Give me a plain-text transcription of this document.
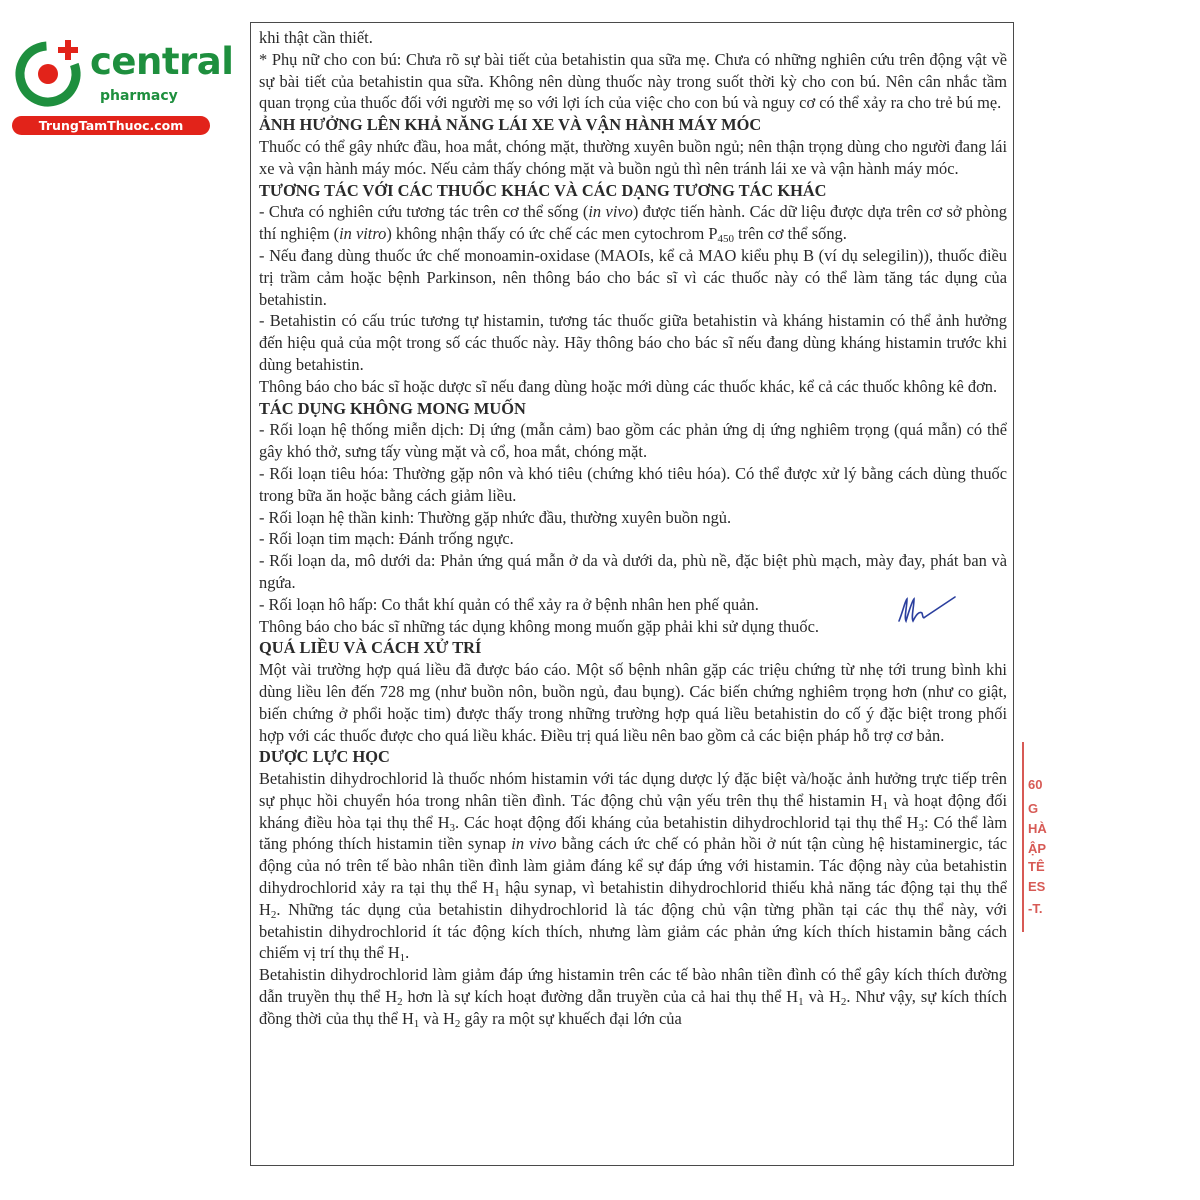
central
pharmacy
TrungTamThuoc.com

khi thật cần thiết.

* Phụ nữ cho con bú: Chưa rõ sự bài tiết của betahistin qua sữa mẹ. Chưa có những nghiên cứu trên động vật về sự bài tiết của betahistin qua sữa. Không nên dùng thuốc này trong suốt thời kỳ cho con bú. Nên cân nhắc tầm quan trọng của thuốc đối với người mẹ so với lợi ích của việc cho con bú và nguy cơ có thể xảy ra cho trẻ bú mẹ.

ẢNH HƯỞNG LÊN KHẢ NĂNG LÁI XE VÀ VẬN HÀNH MÁY MÓC

Thuốc có thể gây nhức đầu, hoa mắt, chóng mặt, thường xuyên buồn ngủ; nên thận trọng dùng cho người đang lái xe và vận hành máy móc. Nếu cảm thấy chóng mặt và buồn ngủ thì nên tránh lái xe và vận hành máy móc.

TƯƠNG TÁC VỚI CÁC THUỐC KHÁC VÀ CÁC DẠNG TƯƠNG TÁC KHÁC

- Chưa có nghiên cứu tương tác trên cơ thể sống (in vivo) được tiến hành. Các dữ liệu được dựa trên cơ sở phòng thí nghiệm (in vitro) không nhận thấy có ức chế các men cytochrom $P_{450}$ trên cơ thể sống.

- Nếu đang dùng thuốc ức chế monoamin-oxidase (MAOIs, kể cả MAO kiểu phụ B (ví dụ selegilin)), thuốc điều trị trầm cảm hoặc bệnh Parkinson, nên thông báo cho bác sĩ vì các thuốc này có thể làm tăng tác dụng của betahistin.

- Betahistin có cấu trúc tương tự histamin, tương tác thuốc giữa betahistin và kháng histamin có thể ảnh hưởng đến hiệu quả của một trong số các thuốc này. Hãy thông báo cho bác sĩ nếu đang dùng kháng histamin trước khi dùng betahistin.

Thông báo cho bác sĩ hoặc dược sĩ nếu đang dùng hoặc mới dùng các thuốc khác, kể cả các thuốc không kê đơn.

TÁC DỤNG KHÔNG MONG MUỐN

- Rối loạn hệ thống miễn dịch: Dị ứng (mẫn cảm) bao gồm các phản ứng dị ứng nghiêm trọng (quá mẫn) có thể gây khó thở, sưng tấy vùng mặt và cổ, hoa mắt, chóng mặt.

- Rối loạn tiêu hóa: Thường gặp nôn và khó tiêu (chứng khó tiêu hóa). Có thể được xử lý bằng cách dùng thuốc trong bữa ăn hoặc bằng cách giảm liều.

- Rối loạn hệ thần kinh: Thường gặp nhức đầu, thường xuyên buồn ngủ.

- Rối loạn tim mạch: Đánh trống ngực.

- Rối loạn da, mô dưới da: Phản ứng quá mẫn ở da và dưới da, phù nề, đặc biệt phù mạch, mày đay, phát ban và ngứa.

- Rối loạn hô hấp: Co thắt khí quản có thể xảy ra ở bệnh nhân hen phế quản.

Thông báo cho bác sĩ những tác dụng không mong muốn gặp phải khi sử dụng thuốc.

QUÁ LIỀU VÀ CÁCH XỬ TRÍ

Một vài trường hợp quá liều đã được báo cáo. Một số bệnh nhân gặp các triệu chứng từ nhẹ tới trung bình khi dùng liều lên đến 728 mg (như buồn nôn, buồn ngủ, đau bụng). Các biến chứng nghiêm trọng hơn (như co giật, biến chứng ở phổi hoặc tim) được thấy trong những trường hợp quá liều betahistin do cố ý đặc biệt trong phối hợp với các thuốc được cho quá liều khác. Điều trị quá liều nên bao gồm cả các biện pháp hỗ trợ cơ bản.

DƯỢC LỰC HỌC

Betahistin dihydrochlorid là thuốc nhóm histamin với tác dụng dược lý đặc biệt và/hoặc ảnh hưởng trực tiếp trên sự phục hồi chuyển hóa trong nhân tiền đình. Tác động chủ vận yếu trên thụ thể histamin $H_1$ và hoạt động đối kháng điều hòa tại thụ thể $H_3$. Các hoạt động đối kháng của betahistin dihydrochlorid tại thụ thể $H_3$: Có thể làm tăng phóng thích histamin tiền synap in vivo bằng cách ức chế có phản hồi ở nút tận cùng hệ histaminergic, tác động của nó trên tế bào nhân tiền đình làm giảm đáng kể sự đáp ứng với histamin. Tác động này của betahistin dihydrochlorid xảy ra tại thụ thể $H_1$ hậu synap, vì betahistin dihydrochlorid thiếu khả năng tác động tại thụ thể $H_2$. Những tác dụng của betahistin dihydrochlorid là tác động chủ vận từng phần tại các thụ thể này, với betahistin dihydrochlorid ít tác động kích thích, nhưng làm giảm các phản ứng kích thích histamin bằng cách chiếm vị trí thụ thể $H_1$.

Betahistin dihydrochlorid làm giảm đáp ứng histamin trên các tế bào nhân tiền đình có thể gây kích thích đường dẫn truyền thụ thể $H_2$ hơn là sự kích hoạt đường dẫn truyền của cả hai thụ thể $H_1$ và $H_2$. Như vậy, sự kích thích đồng thời của thụ thể $H_1$ và $H_2$ gây ra một sự khuếch đại lớn của

60
G
HÀ
ẬP
TÊ
ES
-T.
